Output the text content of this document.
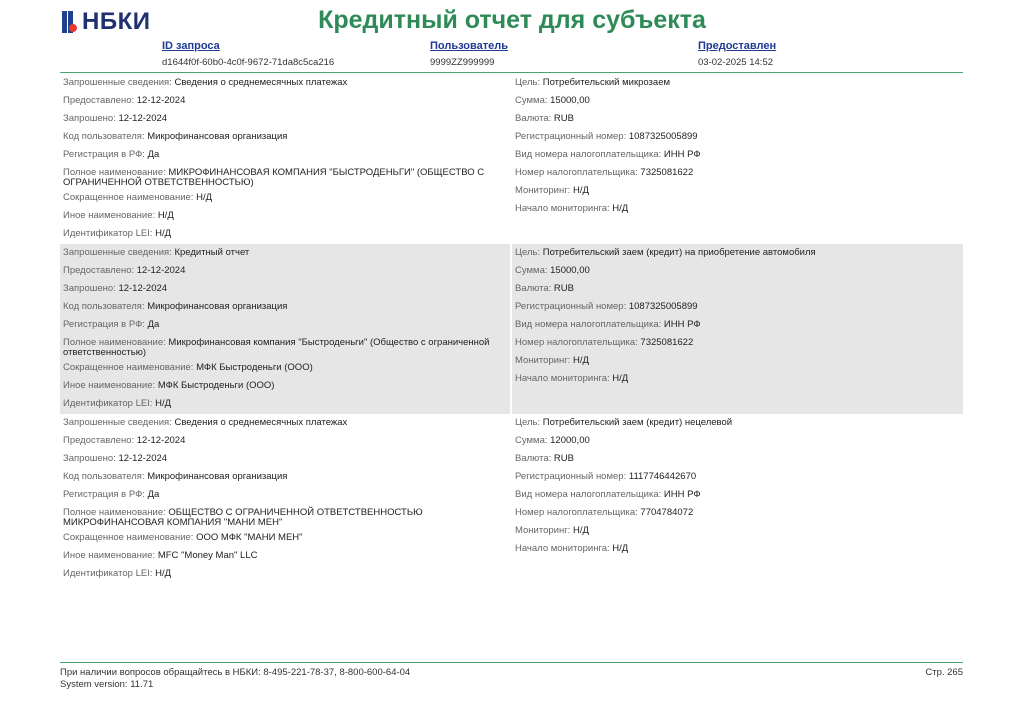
НБКИ	Кредитный отчет для субъекта
ID запроса
d1644f0f-60b0-4c0f-9672-71da8c5ca216
Пользователь
9999ZZ999999
Предоставлен
03-02-2025 14:52
Запрошенные сведения: Сведения о среднемесячных платежах
Предоставлено: 12-12-2024
Запрошено: 12-12-2024
Код пользователя: Микрофинансовая организация
Регистрация в РФ: Да
Полное наименование: МИКРОФИНАНСОВАЯ КОМПАНИЯ "БЫСТРОДЕНЬГИ" (ОБЩЕСТВО С ОГРАНИЧЕННОЙ ОТВЕТСТВЕННОСТЬЮ)
Сокращенное наименование: Н/Д
Иное наименование: Н/Д
Идентификатор LEI: Н/Д
Цель: Потребительский микрозаем
Сумма: 15000,00
Валюта: RUB
Регистрационный номер: 1087325005899
Вид номера налогоплательщика: ИНН РФ
Номер налогоплательщика: 7325081622
Мониторинг: Н/Д
Начало мониторинга: Н/Д
Запрошенные сведения: Кредитный отчет
Предоставлено: 12-12-2024
Запрошено: 12-12-2024
Код пользователя: Микрофинансовая организация
Регистрация в РФ: Да
Полное наименование: Микрофинансовая компания "Быстроденьги" (Общество с ограниченной ответственностью)
Сокращенное наименование: МФК Быстроденьги (ООО)
Иное наименование: МФК Быстроденьги (ООО)
Идентификатор LEI: Н/Д
Цель: Потребительский заем (кредит) на приобретение автомобиля
Сумма: 15000,00
Валюта: RUB
Регистрационный номер: 1087325005899
Вид номера налогоплательщика: ИНН РФ
Номер налогоплательщика: 7325081622
Мониторинг: Н/Д
Начало мониторинга: Н/Д
Запрошенные сведения: Сведения о среднемесячных платежах
Предоставлено: 12-12-2024
Запрошено: 12-12-2024
Код пользователя: Микрофинансовая организация
Регистрация в РФ: Да
Полное наименование: ОБЩЕСТВО С ОГРАНИЧЕННОЙ ОТВЕТСТВЕННОСТЬЮ МИКРОФИНАНСОВАЯ КОМПАНИЯ "МАНИ МЕН"
Сокращенное наименование: ООО МФК "МАНИ МЕН"
Иное наименование: MFC "Money Man" LLC
Идентификатор LEI: Н/Д
Цель: Потребительский заем (кредит) нецелевой
Сумма: 12000,00
Валюта: RUB
Регистрационный номер: 1117746442670
Вид номера налогоплательщика: ИНН РФ
Номер налогоплательщика: 7704784072
Мониторинг: Н/Д
Начало мониторинга: Н/Д
При наличии вопросов обращайтесь в НБКИ: 8-495-221-78-37, 8-800-600-64-04
System version: 11.71
Стр. 265
